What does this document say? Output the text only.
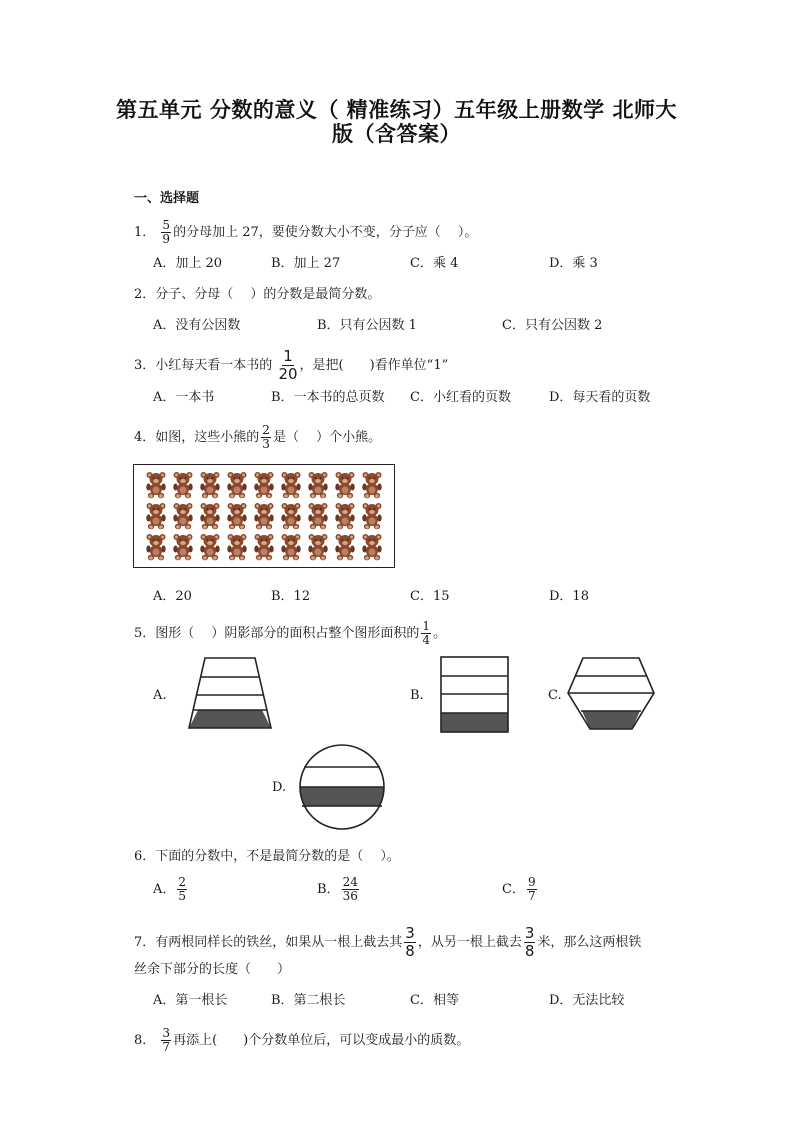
第五单元 分数的意义（ 精准练习）五年级上册数学 北师大
版（含答案）
一、选择题
1． $\frac{5}{9}$ 的分母加上 27，要使分数大小不变，分子应（　 ）。
A．加上 20	B．加上 27	C．乘 4	D．乘 3
2．分子、分母（　 ）的分数是最简分数。
A．没有公因数	B．只有公因数 1	C．只有公因数 2
3．小红每天看一本书的 $\frac{1}{20}$ ，是把(　　)看作单位“1”
A．一本书	B．一本书的总页数 C．小红看的页数	D．每天看的页数
4．如图，这些小熊的 $\frac{2}{3}$ 是（　 ）个小熊。
A．20	B．12	C．15	D．18
5．图形（　 ）阴影部分的面积占整个图形面积的 $\frac{1}{4}$ 。
A.	B.	C.
D.
6．下面的分数中，不是最简分数的是（　 ）。
A． $\frac{2}{5}$	B． $\frac{24}{36}$	C． $\frac{9}{7}$
7．有两根同样长的铁丝，如果从一根上截去其 $\frac{3}{8}$ ，从另一根上截去 $\frac{3}{8}$ 米，那么这两根铁
丝余下部分的长度（　　）
A．第一根长	B．第二根长	C．相等	D．无法比较
8． $\frac{3}{7}$ 再添上(　　)个分数单位后，可以变成最小的质数。
